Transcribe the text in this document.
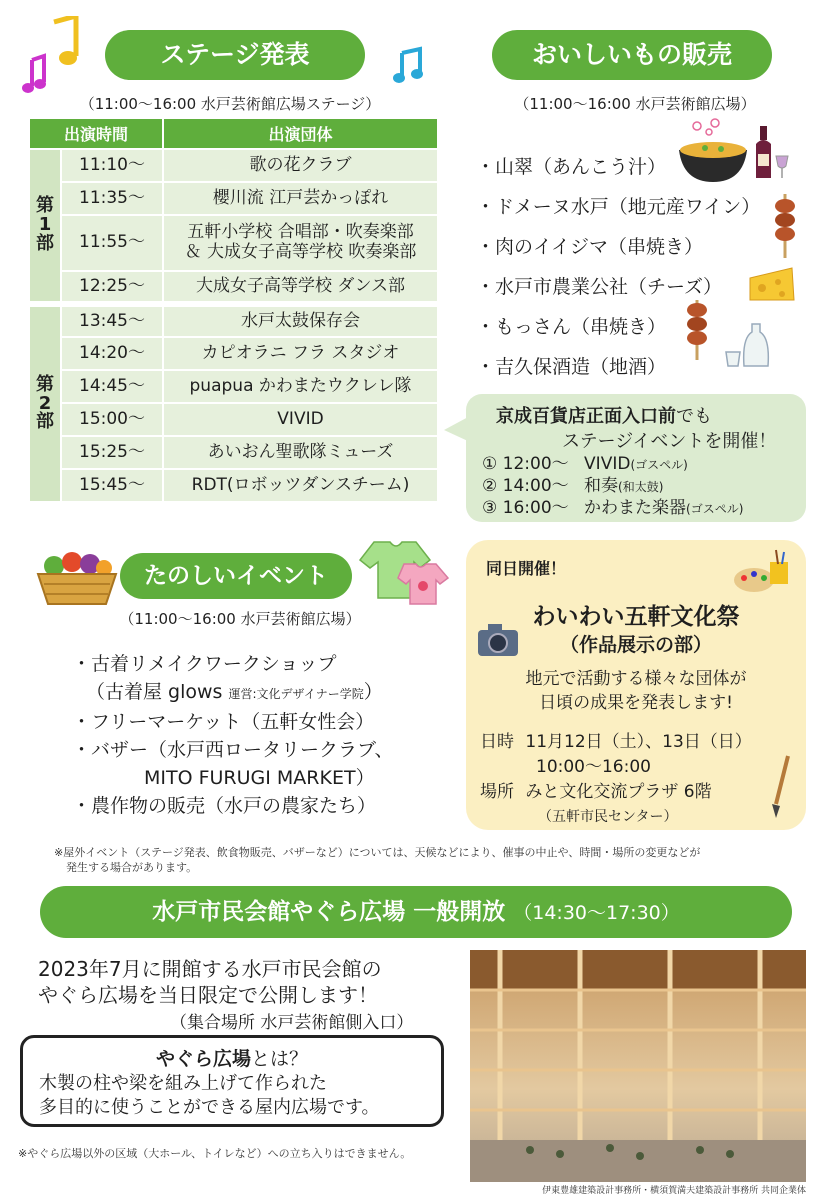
ステージ発表
（11:00～16:00 水戸芸術館広場ステージ）
出演時間		出演団体
第
1
部	11:10～	歌の花クラブ
	11:35～	櫻川流 江戸芸かっぽれ
	11:55～	五軒小学校 合唱部・吹奏楽部
＆ 大成女子高等学校 吹奏楽部
	12:25～	大成女子高等学校 ダンス部
第
2
部	13:45～	水戸太鼓保存会
	14:20～	カピオラニ フラ スタジオ
	14:45～	puapua かわまたウクレレ隊
	15:00～	VIVID
	15:25～	あいおん聖歌隊ミューズ
	15:45～	RDT(ロボッツダンスチーム)
おいしいもの販売
（11:00～16:00 水戸芸術館広場）
・山翠（あんこう汁）
・ドメーヌ水戸（地元産ワイン）
・肉のイイジマ（串焼き）
・水戸市農業公社（チーズ）
・もっさん（串焼き）
・吉久保酒造（地酒）
京成百貨店正面入口前でも
ステージイベントを開催！
① 12:00～ VIVID(ゴスペル)
② 14:00～ 和奏(和太鼓)
③ 16:00～ かわまた楽器(ゴスペル)
たのしいイベント
（11:00～16:00 水戸芸術館広場）
・古着リメイクワークショップ
（古着屋 glows 運営:文化デザイナー学院）
・フリーマーケット（五軒女性会）
・バザー（水戸西ロータリークラブ、
MITO FURUGI MARKET）
・農作物の販売（水戸の農家たち）
同日開催！
わいわい五軒文化祭
（作品展示の部）
地元で活動する様々な団体が
日頃の成果を発表します!
日時 11月12日（土）、13日（日）
10:00～16:00
場所 みと文化交流プラザ 6階
（五軒市民センター）
※屋外イベント（ステージ発表、飲食物販売、バザーなど）については、天候などにより、催事の中止や、時間・場所の変更などが
発生する場合があります。
水戸市民会館やぐら広場 一般開放 （14:30～17:30）
2023年7月に開館する水戸市民会館の
やぐら広場を当日限定で公開します！
（集合場所 水戸芸術館側入口）
やぐら広場とは？
木製の柱や梁を組み上げて作られた
多目的に使うことができる屋内広場です。
※やぐら広場以外の区域（大ホール、トイレなど）への立ち入りはできません。
伊東豊雄建築設計事務所・横須賀満夫建築設計事務所 共同企業体
